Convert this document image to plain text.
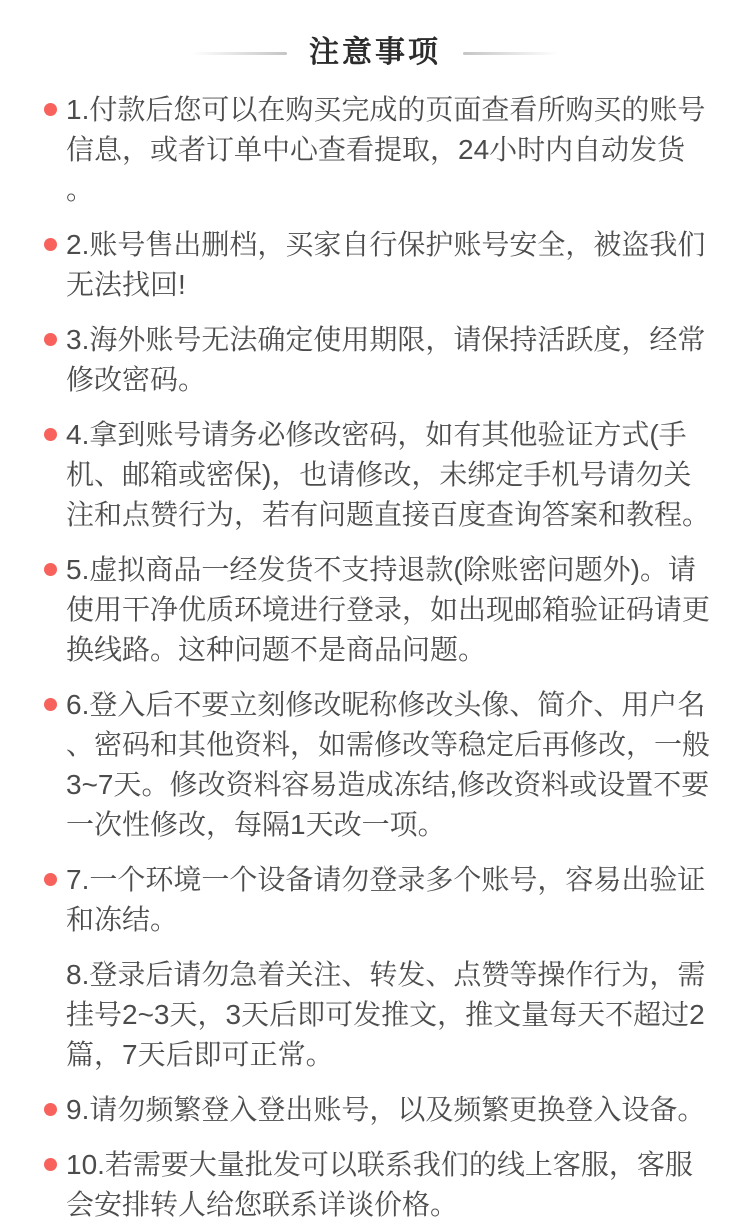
注意事项

1.付款后您可以在购买完成的页面查看所购买的账号信息，或者订单中心查看提取，24小时内自动发货。

2.账号售出删档，买家自行保护账号安全，被盗我们无法找回!

3.海外账号无法确定使用期限，请保持活跃度，经常修改密码。

4.拿到账号请务必修改密码，如有其他验证方式(手机、邮箱或密保)，也请修改，未绑定手机号请勿关注和点赞行为，若有问题直接百度查询答案和教程。

5.虚拟商品一经发货不支持退款(除账密问题外)。请使用干净优质环境进行登录，如出现邮箱验证码请更换线路。这种问题不是商品问题。

6.登入后不要立刻修改昵称修改头像、简介、用户名、密码和其他资料，如需修改等稳定后再修改，一般3~7天。修改资料容易造成冻结,修改资料或设置不要一次性修改，每隔1天改一项。

7.一个环境一个设备请勿登录多个账号，容易出验证和冻结。

8.登录后请勿急着关注、转发、点赞等操作行为，需挂号2~3天，3天后即可发推文，推文量每天不超过2篇，7天后即可正常。

9.请勿频繁登入登出账号，以及频繁更换登入设备。

10.若需要大量批发可以联系我们的线上客服，客服会安排转人给您联系详谈价格。
